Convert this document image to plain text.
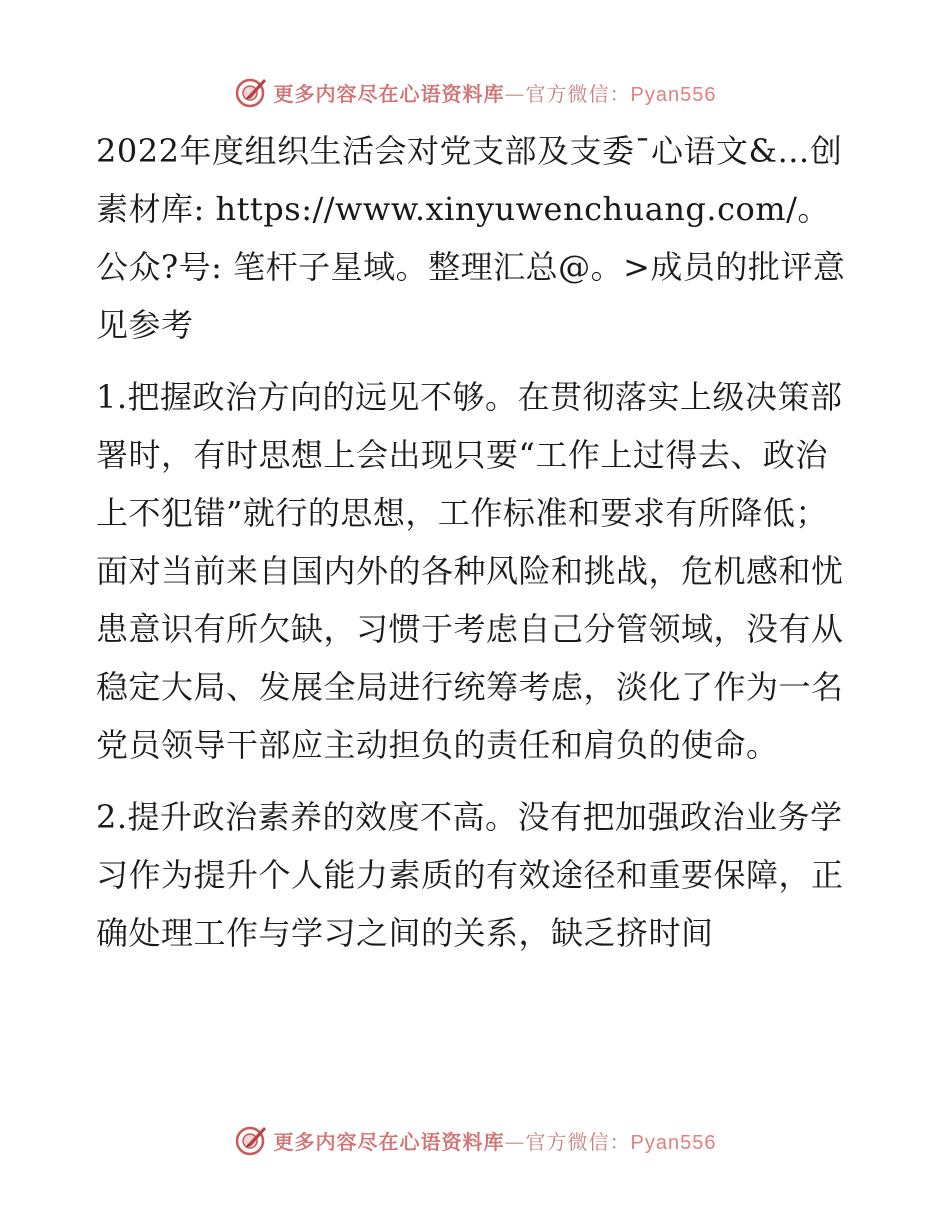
更多内容尽在心语资料库—官方微信：Pyan556

2022年度组织生活会对党支部及支委¯心语文&…创素材库: https://www.xinyuwenchuang.com/。公众?号: 笔杆子星域。整理汇总@。>成员的批评意见参考

1.把握政治方向的远见不够。在贯彻落实上级决策部署时，有时思想上会出现只要“工作上过得去、政治上不犯错”就行的思想，工作标准和要求有所降低；面对当前来自国内外的各种风险和挑战，危机感和忧患意识有所欠缺，习惯于考虑自己分管领域，没有从稳定大局、发展全局进行统筹考虑，淡化了作为一名党员领导干部应主动担负的责任和肩负的使命。

2.提升政治素养的效度不高。没有把加强政治业务学习作为提升个人能力素质的有效途径和重要保障，正确处理工作与学习之间的关系，缺乏挤时间

更多内容尽在心语资料库—官方微信：Pyan556
